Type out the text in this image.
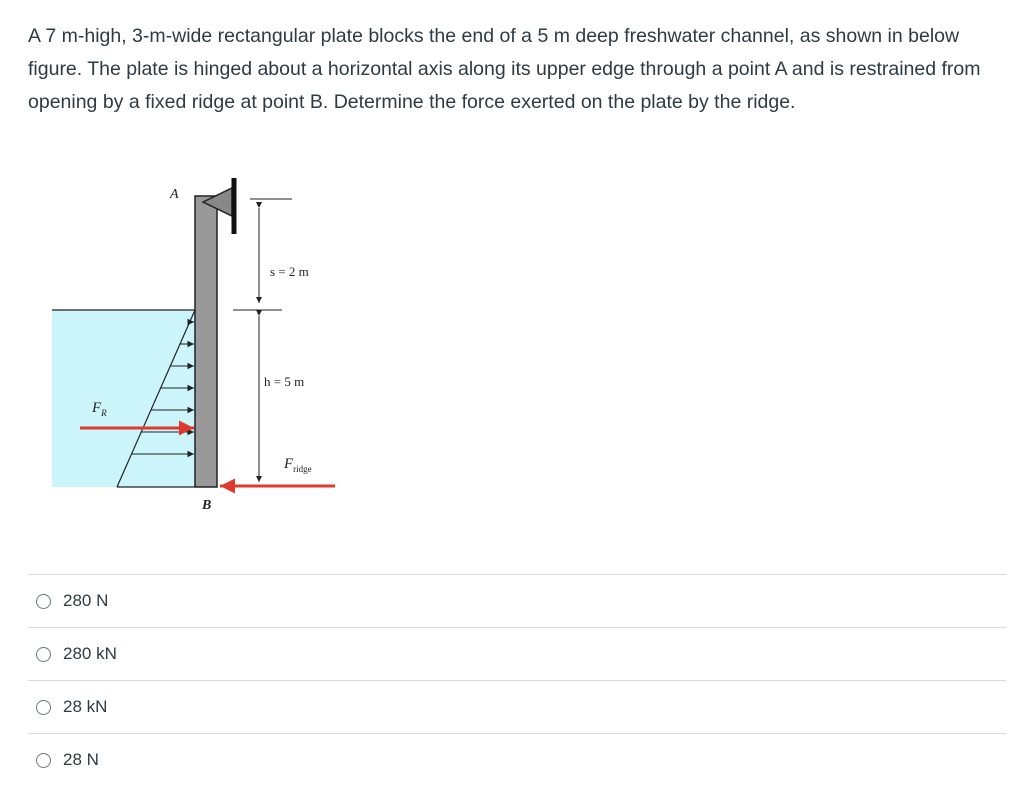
A 7 m-high, 3-m-wide rectangular plate blocks the end of a 5 m deep freshwater channel, as shown in below figure. The plate is hinged about a horizontal axis along its upper edge through a point A and is restrained from opening by a fixed ridge at point B. Determine the force exerted on the plate by the ridge.

$F_R$
A
s = 2 m
h = 5 m
$F_{ridge}$
B
280 N
280 kN
28 kN
28 N
